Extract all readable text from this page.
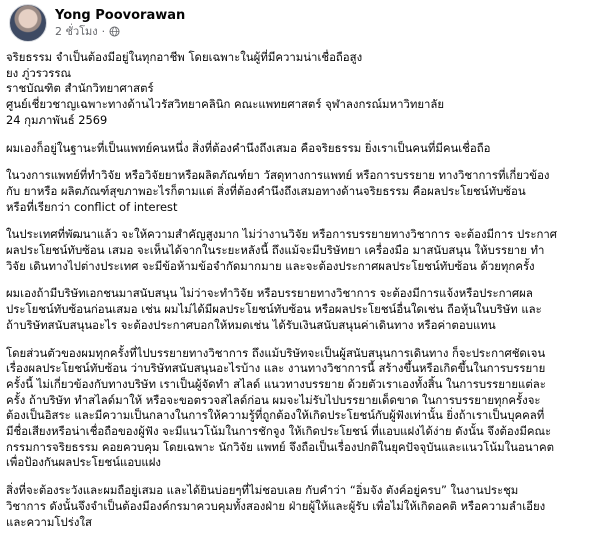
Yong Poovorawan
2 ชั่วโมง ·

จริยธรรม จำเป็นต้องมีอยู่ในทุกอาชีพ โดยเฉพาะในผู้ที่มีความน่าเชื่อถือสูง

ยง ภู่วรวรรณ

ราชบัณฑิต สำนักวิทยาศาสตร์

ศูนย์เชี่ยวชาญเฉพาะทางด้านไวรัสวิทยาคลินิก คณะแพทยศาสตร์ จุฬาลงกรณ์มหาวิทยาลัย

24 กุมภาพันธ์ 2569

ผมเองก็อยู่ในฐานะที่เป็นแพทย์คนหนึ่ง สิ่งที่ต้องคำนึงถึงเสมอ คือจริยธรรม ยิ่งเราเป็นคนที่มีคนเชื่อถือ

ในวงการแพทย์ที่ทำวิจัย หรือวิจัยยาหรือผลิตภัณฑ์ยา วัสดุทางการแพทย์ หรือการบรรยาย ทางวิชาการที่เกี่ยวข้อง

กับ ยาหรือ ผลิตภัณฑ์สุขภาพอะไรก็ตามแต่ สิ่งที่ต้องคำนึงถึงเสมอทางด้านจริยธรรม คือผลประโยชน์ทับซ้อน

หรือที่เรียกว่า conflict of interest

ในประเทศที่พัฒนาแล้ว จะให้ความสำคัญสูงมาก ไม่ว่างานวิจัย หรือการบรรยายทางวิชาการ จะต้องมีการ ประกาศ

ผลประโยชน์ทับซ้อน เสมอ จะเห็นได้จากในระยะหลังนี้ ถึงแม้จะมีบริษัทยา เครื่องมือ มาสนับสนุน ให้บรรยาย ทำ

วิจัย เดินทางไปต่างประเทศ จะมีข้อห้ามข้อจำกัดมากมาย และจะต้องประกาศผลประโยชน์ทับซ้อน ด้วยทุกครั้ง

ผมเองถ้ามีบริษัทเอกชนมาสนับสนุน ไม่ว่าจะทำวิจัย หรือบรรยายทางวิชาการ จะต้องมีการแจ้งหรือประกาศผล

ประโยชน์ทับซ้อนก่อนเสมอ เช่น ผมไม่ได้มีผลประโยชน์ทับซ้อน หรือผลประโยชน์อื่นใดเช่น ถือหุ้นในบริษัท และ

ถ้าบริษัทสนับสนุนอะไร จะต้องประกาศบอกให้หมดเช่น ได้รับเงินสนับสนุนค่าเดินทาง หรือค่าตอบแทน

โดยส่วนตัวของผมทุกครั้งที่ไปบรรยายทางวิชาการ ถึงแม้บริษัทจะเป็นผู้สนับสนุนการเดินทาง ก็จะประกาศชัดเจน

เรื่องผลประโยชน์ทับซ้อน ว่าบริษัทสนับสนุนอะไรบ้าง และ งานทางวิชาการนี้ สร้างขึ้นหรือเกิดขึ้นในการบรรยาย

ครั้งนี้ ไม่เกี่ยวข้องกับทางบริษัท เราเป็นผู้จัดทำ สไลด์ แนวทางบรรยาย ด้วยตัวเราเองทั้งสิ้น ในการบรรยายแต่ละ

ครั้ง ถ้าบริษัท ทำสไลด์มาให้ หรือจะขอตรวจสไลด์ก่อน ผมจะไม่รับไปบรรยายเด็ดขาด ในการบรรยายทุกครั้งจะ

ต้องเป็นอิสระ และมีความเป็นกลางในการให้ความรู้ที่ถูกต้องให้เกิดประโยชน์กับผู้ฟังเท่านั้น ยิ่งถ้าเราเป็นบุคคลที่

มีชื่อเสียงหรือน่าเชื่อถือของผู้ฟัง จะมีแนวโน้มในการชักจูง ให้เกิดประโยชน์ ที่แอบแฝงได้ง่าย ดังนั้น จึงต้องมีคณะ

กรรมการจริยธรรม คอยควบคุม โดยเฉพาะ นักวิจัย แพทย์ จึงถือเป็นเรื่องปกติในยุคปัจจุบันและแนวโน้มในอนาคต

เพื่อป้องกันผลประโยชน์แอบแฝง

สิ่งที่จะต้องระวังและผมถือยู่เสมอ และได้ยินบ่อยๆที่ไม่ชอบเลย กับคำว่า “อิ่มจัง ตังค์อยู่ครบ” ในงานประชุม

วิชาการ ดังนั้นจึงจำเป็นต้องมีองค์กรมาควบคุมทั้งสองฝ่าย ฝ่ายผู้ให้และผู้รับ เพื่อไม่ให้เกิดอคติ หรือความลำเอียง

และความโปร่งใส
